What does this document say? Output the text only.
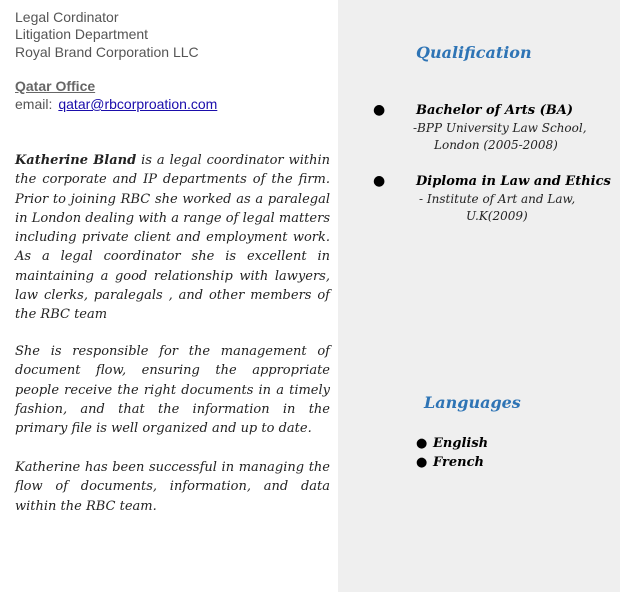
Legal Cordinator
Litigation Department
Royal Brand Corporation LLC
Qatar Office
email: qatar@rbcorproation.com

Katherine Bland is a legal coordinator within the corporate and IP departments of the firm. Prior to joining RBC she worked as a paralegal in London dealing with a range of legal matters including private client and employment work. As a legal coordinator she is excellent in maintaining a good relationship with lawyers, law clerks, paralegals , and other members of the RBC team

She is responsible for the management of document flow, ensuring the appropriate people receive the right documents in a timely fashion, and that the information in the primary file is well organized and up to date.

Katherine has been successful in managing the flow of documents, information, and data within the RBC team.

Qualification
● Bachelor of Arts (BA)
-BPP University Law School,
London (2005-2008)
● Diploma in Law and Ethics
- Institute of Art and Law,
U.K(2009)
Languages
● English
● French
